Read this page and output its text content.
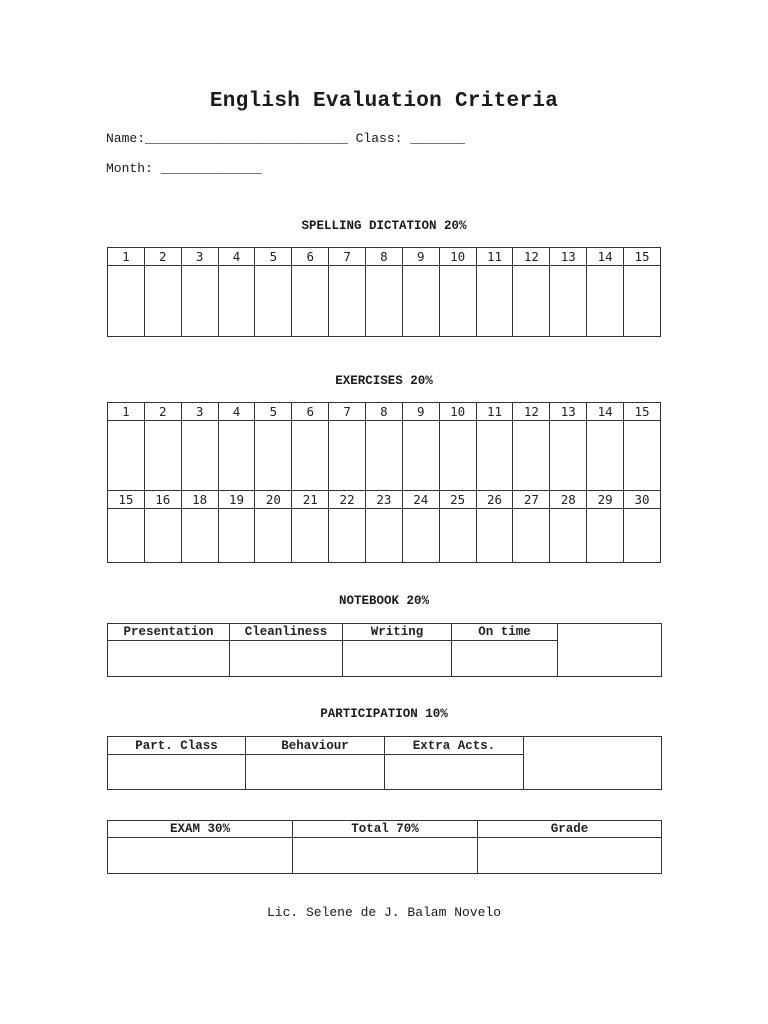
English Evaluation Criteria
Name:__________________________ Class: _______
Month: _____________
SPELLING DICTATION 20%
1	2	3	4	5	6	7	8	9	10	11	12	13	14	15

EXERCISES 20%
1	2	3	4	5	6	7	8	9	10	11	12	13	14	15

15	16	18	19	20	21	22	23	24	25	26	27	28	29	30

NOTEBOOK 20%
Presentation	Cleanliness	Writing	On time	

PARTICIPATION 10%
Part. Class	Behaviour	Extra Acts.	

EXAM 30%	Total 70%	Grade

Lic. Selene de J. Balam Novelo
